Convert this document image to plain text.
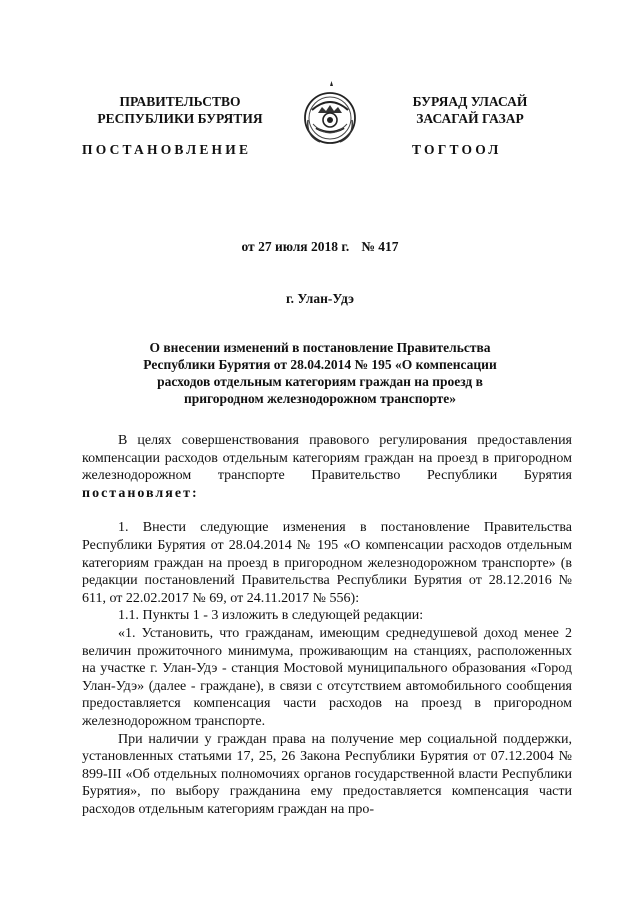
ПРАВИТЕЛЬСТВО
РЕСПУБЛИКИ БУРЯТИЯ
БУРЯАД УЛАСАЙ
ЗАСАГАЙ ГАЗАР
ПОСТАНОВЛЕНИЕ	ТОГТООЛ
от 27 июля 2018 г. № 417
г. Улан-Удэ
О внесении изменений в постановление Правительства
Республики Бурятия от 28.04.2014 № 195 «О компенсации
расходов отдельным категориям граждан на проезд в
пригородном железнодорожном транспорте»

В целях совершенствования правового регулирования предоставления компенсации расходов отдельным категориям граждан на проезд в пригородном железнодорожном транспорте Правительство Республики Бурятия постановляет:

1. Внести следующие изменения в постановление Правительства Республики Бурятия от 28.04.2014 № 195 «О компенсации расходов отдельным категориям граждан на проезд в пригородном железнодорожном транспорте» (в редакции постановлений Правительства Республики Бурятия от 28.12.2016 № 611, от 22.02.2017 № 69, от 24.11.2017 № 556):

1.1. Пункты 1 - 3 изложить в следующей редакции:

«1. Установить, что гражданам, имеющим среднедушевой доход менее 2 величин прожиточного минимума, проживающим на станциях, расположенных на участке г. Улан-Удэ - станция Мостовой муниципального образования «Город Улан-Удэ» (далее - граждане), в связи с отсутствием автомобильного сообщения предоставляется компенсация части расходов на проезд в пригородном железнодорожном транспорте.

При наличии у граждан права на получение мер социальной поддержки, установленных статьями 17, 25, 26 Закона Республики Бурятия от 07.12.2004 № 899-III «Об отдельных полномочиях органов государственной власти Республики Бурятия», по выбору гражданина ему предоставляется компенсация части расходов отдельным категориям граждан на про-
